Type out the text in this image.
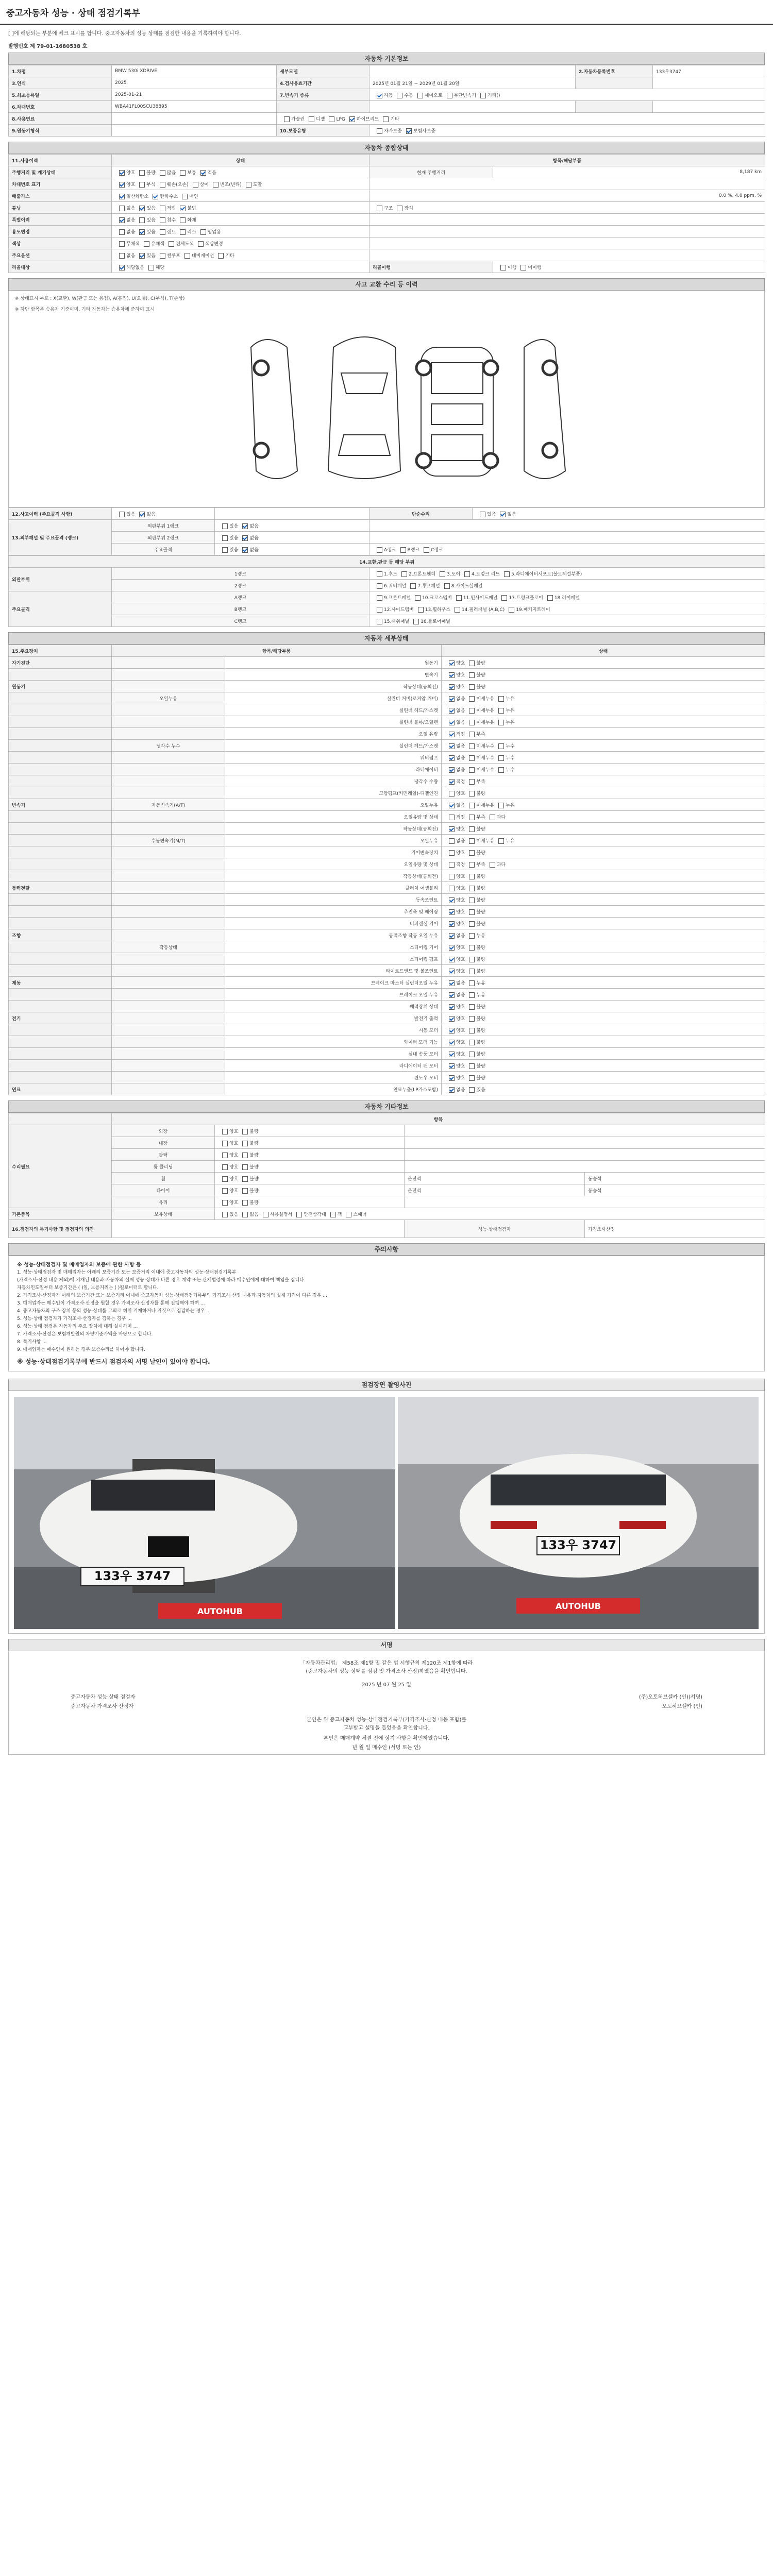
중고자동차 성능 · 상태 점검기록부
[ ]에 해당되는 부분에 체크 표시를 합니다. 중고자동차의 성능 상태를 점검한 내용을 기록하여야 합니다.
발행번호 제 79-01-1680538 호
자동차 기본정보
1.차명	BMW 530i XDRIVE	세부모델		2.자동차등록번호	133우3747
3.연식	2025	4.검사유효기간	2025년 01월 21일 ~ 2029년 01월 20일		
5.최초등록일	2025-01-21	7.변속기 종류	자동 수동 세미오토 무단변속기 기타()		
6.차대번호	WBA41FL00SCU38895				
8.사용연료		가솔린 디젤 LPG 하이브리드 기타			
9.원동기형식		10.보증유형	자가보증 보험사보증		
자동차 종합상태
11.사용이력	상태	항목/해당부품	
주행거리 및 계기상태	양호 불량 많음 보통 적음	현재 주행거리	8,187 km
차대번호 표기	양호 부식 훼손(오손) 상이 변조(변타) 도말		
배출가스	일산화탄소 탄화수소 매연	0.0 %, 4.0 ppm, %	
튜닝	없음 있음 적법 불법	구조 장치	
특별이력	없음 있음 침수 화재		
용도변경	없음 있음 렌트 리스 영업용		
색상	무채색 유채색 전체도색 색상변경		
주요옵션	없음 있음 썬루프 네비게이션 기타		
리콜대상	해당없음 해당	리콜이행	이행 미이행
사고 교환 수리 등 이력
※ 상태표시 부호 : X(교환), W(판금 또는 용접), A(흠집), U(요철), C(부식), T(손상)
※ 하단 항목은 승용차 기준이며, 기타 자동차는 승용차에 준하여 표시
12.사고이력 (주요골격 사항)	있음 없음		단순수리	있음 없음
13.외부패널 및 주요골격 (랭크)	외판부위 1랭크	있음 없음		
	외판부위 2랭크	있음 없음		
	주요골격	있음 없음	A랭크 B랭크 C랭크	
14.교환,판금 등 해당 부위		
외판부위	1랭크	1.후드 2.프론트휀더 3.도어 4.트렁크 리드 5.라디에이터서포트(볼트체결부품)
	2랭크	6.쿼터패널 7.루프패널 8.사이드실패널
주요골격	A랭크	9.프론트패널 10.크로스멤버 11.인사이드패널 17.트렁크플로어 18.리어패널
	B랭크	12.사이드멤버 13.휠하우스 14.필러패널 (A,B,C) 19.패키지트레이
	C랭크	15.대쉬패널 16.플로어패널
자동차 세부상태
15.주요장치	항목/해당부품		상태
자기진단		원동기	양호 불량
		변속기	양호 불량
원동기		작동상태(공회전)	양호 불량
	오일누유	실린더 커버(로커암 커버)	없음 미세누유 누유
		실린더 헤드/가스켓	없음 미세누유 누유
		실린더 블록/오일팬	없음 미세누유 누유
		오일 유량	적정 부족
	냉각수 누수	실린더 헤드/가스켓	없음 미세누수 누수
		워터펌프	없음 미세누수 누수
		라디에이터	없음 미세누수 누수
		냉각수 수량	적정 부족
		고압펌프(커먼레일)-디젤엔진	양호 불량
변속기	자동변속기(A/T)	오일누유	없음 미세누유 누유
		오일유량 및 상태	적정 부족 과다
		작동상태(공회전)	양호 불량
	수동변속기(M/T)	오일누유	없음 미세누유 누유
		기어변속장치	양호 불량
		오일유량 및 상태	적정 부족 과다
		작동상태(공회전)	양호 불량
동력전달		클러치 어셈블리	양호 불량
		등속조인트	양호 불량
		추진축 및 베어링	양호 불량
		디퍼렌셜 기어	양호 불량
조향		동력조향 작동 오일 누유	없음 누유
	작동상태	스티어링 기어	양호 불량
		스티어링 펌프	양호 불량
		타이로드엔드 및 볼조인트	양호 불량
제동		브레이크 마스터 실린더오일 누유	없음 누유
		브레이크 오일 누유	없음 누유
		배력장치 상태	양호 불량
전기		발전기 출력	양호 불량
		시동 모터	양호 불량
		와이퍼 모터 기능	양호 불량
		실내 송풍 모터	양호 불량
		라디에이터 팬 모터	양호 불량
		윈도우 모터	양호 불량
연료		연료누출(LP가스포함)	없음 있음
자동차 기타정보
	항목			
수리필요	외장	양호 불량		
	내장	양호 불량		
	광택	양호 불량		
	룸 클리닝	양호 불량		
	휠	양호 불량	운전석	동승석
	타이어	양호 불량	운전석	동승석
	유리	양호 불량		
기본품목	보유상태	있음 없음 사용설명서 안전삼각대 잭 스패너		
16.점검자의 특기사항 및 점검자의 의견			성능·상태점검자	가격조사산정
주의사항
※ 성능·상태점검자 및 매매업자의 보증에 관한 사항 등
1. 성능·상태점검자 및 매매업자는 아래의 보증기간 또는 보증거리 이내에 중고자동차의 성능·상태점검기록부
(가격조사·산정 내용 제외)에 기재된 내용과 자동차의 실제 성능·상태가 다른 경우 계약 또는 관계법령에 따라 매수인에게 대하여 책임을 집니다.
자동차인도일부터 보증기간은 ( )일, 보증거리는 ( )킬로미터로 합니다.
2. 가격조사·산정자가 아래의 보증기간 또는 보증거리 이내에 중고자동차 성능·상태점검기록부의 가격조사·산정 내용과 자동차의 실제 가격이 다른 경우 ...
3. 매매업자는 매수인이 가격조사·산정을 원할 경우 가격조사·산정자를 통해 진행해야 하며 ...
4. 중고자동차의 구조·장치 등의 성능·상태를 고의로 허위 기재하거나 거짓으로 점검하는 경우 ...
5. 성능·상태 점검자가 가격조사·산정자를 겸하는 경우 ...
6. 성능·상태 점검은 자동차의 주요 장치에 대해 실시하며 ...
7. 가격조사·산정은 보험개발원의 차량기준가액을 바탕으로 합니다.
8. 특기사항 ...
9. 매매업자는 매수인이 원하는 경우 보증수리를 하여야 합니다.
※ 성능·상태점검기록부에 반드시 점검자의 서명 날인이 있어야 합니다.
점검장면 촬영사진
133우 3747
AUTOHUB
133우 3747
AUTOHUB
서명
「자동차관리법」 제58조 제1항 및 같은 법 시행규칙 제120조 제1항에 따라
(중고자동차의 성능·상태를 점검 및 가격조사 산정)하였음을 확인합니다.
2025 년 07 월 25 일
중고자동차 성능·상태 점검자	(주)오토허브셀카 (인)(서명)
중고자동차 가격조사·산정자	오토허브셀카 (인)
본인은 위 중고자동차 성능·상태점검기록부(가격조사·산정 내용 포함)를
교부받고 설명을 들었음을 확인합니다.
본인은 매매계약 체결 전에 상기 사항을 확인하였습니다.
년 월 일 매수인 (서명 또는 인)
